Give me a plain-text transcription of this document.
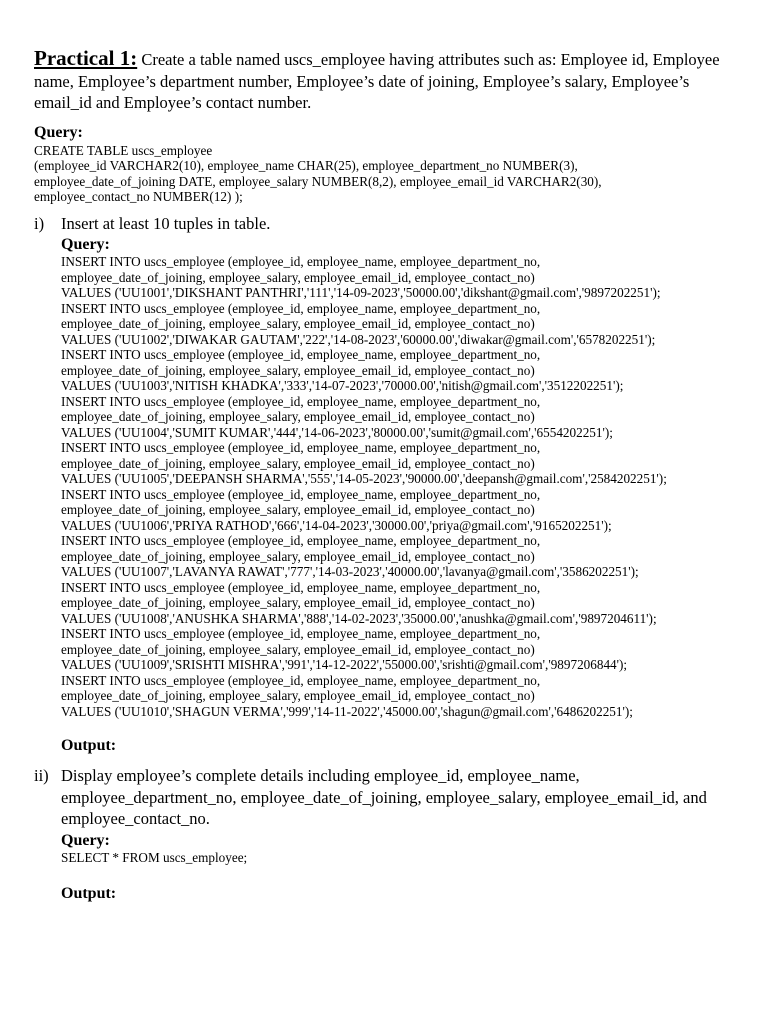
Practical 1: Create a table named uscs_employee having attributes such as: Employee id, Employee name, Employee’s department number, Employee’s date of joining, Employee’s salary, Employee’s email_id and Employee’s contact number.

Query:
CREATE TABLE uscs_employee
(employee_id VARCHAR2(10), employee_name CHAR(25), employee_department_no NUMBER(3),
employee_date_of_joining DATE, employee_salary NUMBER(8,2), employee_email_id VARCHAR2(30),
employee_contact_no NUMBER(12) );
i) Insert at least 10 tuples in table.
Query:
INSERT INTO uscs_employee (employee_id, employee_name, employee_department_no,
employee_date_of_joining, employee_salary, employee_email_id, employee_contact_no)
VALUES ('UU1001','DIKSHANT PANTHRI','111','14-09-2023','50000.00','dikshant@gmail.com','9897202251');
INSERT INTO uscs_employee (employee_id, employee_name, employee_department_no,
employee_date_of_joining, employee_salary, employee_email_id, employee_contact_no)
VALUES ('UU1002','DIWAKAR GAUTAM','222','14-08-2023','60000.00','diwakar@gmail.com','6578202251');
INSERT INTO uscs_employee (employee_id, employee_name, employee_department_no,
employee_date_of_joining, employee_salary, employee_email_id, employee_contact_no)
VALUES ('UU1003','NITISH KHADKA','333','14-07-2023','70000.00','nitish@gmail.com','3512202251');
INSERT INTO uscs_employee (employee_id, employee_name, employee_department_no,
employee_date_of_joining, employee_salary, employee_email_id, employee_contact_no)
VALUES ('UU1004','SUMIT KUMAR','444','14-06-2023','80000.00','sumit@gmail.com','6554202251');
INSERT INTO uscs_employee (employee_id, employee_name, employee_department_no,
employee_date_of_joining, employee_salary, employee_email_id, employee_contact_no)
VALUES ('UU1005','DEEPANSH SHARMA','555','14-05-2023','90000.00','deepansh@gmail.com','2584202251');
INSERT INTO uscs_employee (employee_id, employee_name, employee_department_no,
employee_date_of_joining, employee_salary, employee_email_id, employee_contact_no)
VALUES ('UU1006','PRIYA RATHOD','666','14-04-2023','30000.00','priya@gmail.com','9165202251');
INSERT INTO uscs_employee (employee_id, employee_name, employee_department_no,
employee_date_of_joining, employee_salary, employee_email_id, employee_contact_no)
VALUES ('UU1007','LAVANYA RAWAT','777','14-03-2023','40000.00','lavanya@gmail.com','3586202251');
INSERT INTO uscs_employee (employee_id, employee_name, employee_department_no,
employee_date_of_joining, employee_salary, employee_email_id, employee_contact_no)
VALUES ('UU1008','ANUSHKA SHARMA','888','14-02-2023','35000.00','anushka@gmail.com','9897204611');
INSERT INTO uscs_employee (employee_id, employee_name, employee_department_no,
employee_date_of_joining, employee_salary, employee_email_id, employee_contact_no)
VALUES ('UU1009','SRISHTI MISHRA','991','14-12-2022','55000.00','srishti@gmail.com','9897206844');
INSERT INTO uscs_employee (employee_id, employee_name, employee_department_no,
employee_date_of_joining, employee_salary, employee_email_id, employee_contact_no)
VALUES ('UU1010','SHAGUN VERMA','999','14-11-2022','45000.00','shagun@gmail.com','6486202251');
Output:
ii) Display employee’s complete details including employee_id, employee_name, employee_department_no, employee_date_of_joining, employee_salary, employee_email_id, and employee_contact_no.
Query:
SELECT * FROM uscs_employee;
Output:
